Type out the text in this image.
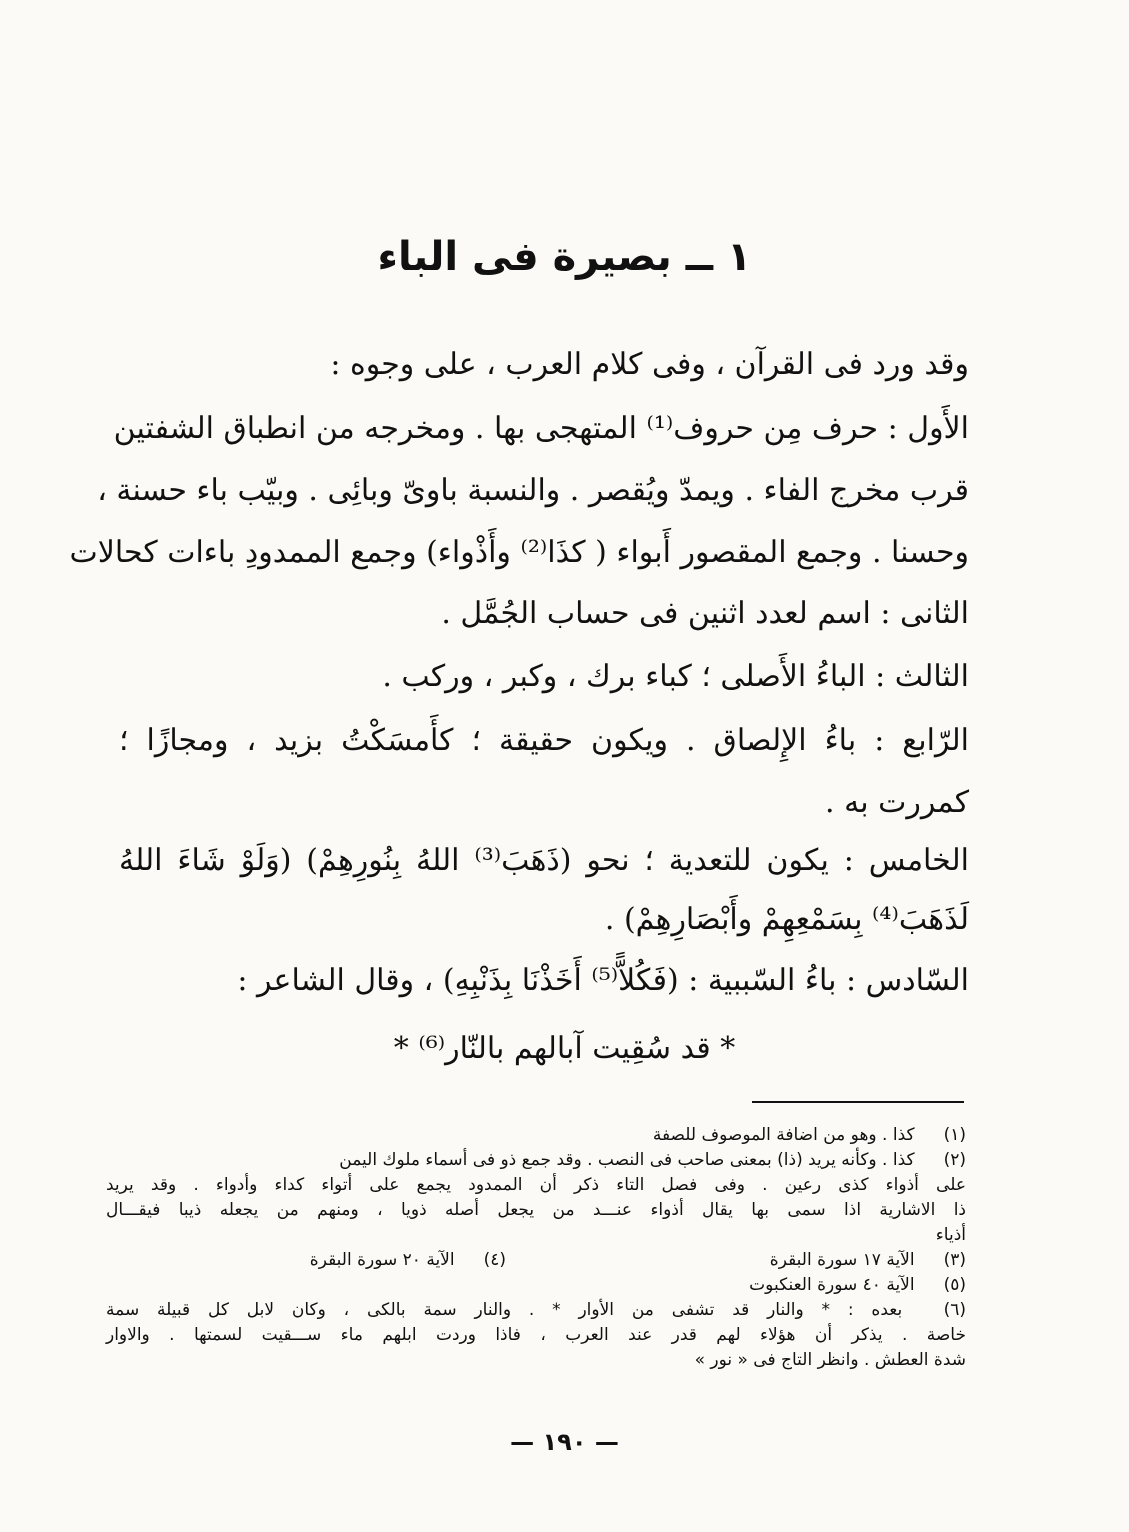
١ ــ بصيرة فى الباء
وقد ورد فى القرآن ، وفى كلام العرب ، على وجوه :
الأَول : حرف مِن حروف⁽¹⁾ المتهجى بها . ومخرجه من انطباق الشفتين
قرب مخرج الفاء . ويمدّ ويُقصر . والنسبة باوىّ وبائِى . وبيّب باء حسنة ،
وحسنا . وجمع المقصور أَبواء ( كذَا⁽²⁾ وأَذْواء) وجمع الممدودِ باءات كحالات
الثانى : اسم لعدد اثنين فى حساب الجُمَّل .
الثالث : الباءُ الأَصلى ؛ كباء برك ، وكبر ، وركب .
الرّابع : باءُ الإِلصاق . ويكون حقيقة ؛ كأَمسَكْتُ بزيد ، ومجازًا ؛
كمررت به .
الخامس : يكون للتعدية ؛ نحو (ذَهَبَ⁽³⁾ اللهُ بِنُورِهِمْ) (وَلَوْ شَاءَ اللهُ
لَذَهَبَ⁽⁴⁾ بِسَمْعِهِمْ وأَبْصَارِهِمْ) .
السّادس : باءُ السّببية : (فَكُلاًّ⁽⁵⁾ أَخَذْنَا بِذَنْبِهِ) ، وقال الشاعر :
* قد سُقِيت آبالهم بالنّار⁽⁶⁾ *
(١) كذا . وهو من اضافة الموصوف للصفة
(٢) كذا . وكأنه يريد (ذا) بمعنى صاحب فى النصب . وقد جمع ذو فى أسماء ملوك اليمن
على أذواء كذى رعين . وفى فصل التاء ذكر أن الممدود يجمع على أتواء كداء وأدواء . وقد يريد
ذا الاشارية اذا سمى بها يقال أذواء عنـــد من يجعل أصله ذويا ، ومنهم من يجعله ذيبا فيقـــال
أذياء
(٣) الآية ١٧ سورة البقرة
(٤) الآية ٢٠ سورة البقرة
(٥) الآية ٤٠ سورة العنكبوت
(٦) بعده : * والنار قد تشفى من الأوار * . والنار سمة بالكى ، وكان لابل كل قبيلة سمة
خاصة . يذكر أن هؤلاء لهم قدر عند العرب ، فاذا وردت ابلهم ماء ســـقيت لسمتها . والاوار
شدة العطش . وانظر التاج فى « نور »
— ١٩٠ —
